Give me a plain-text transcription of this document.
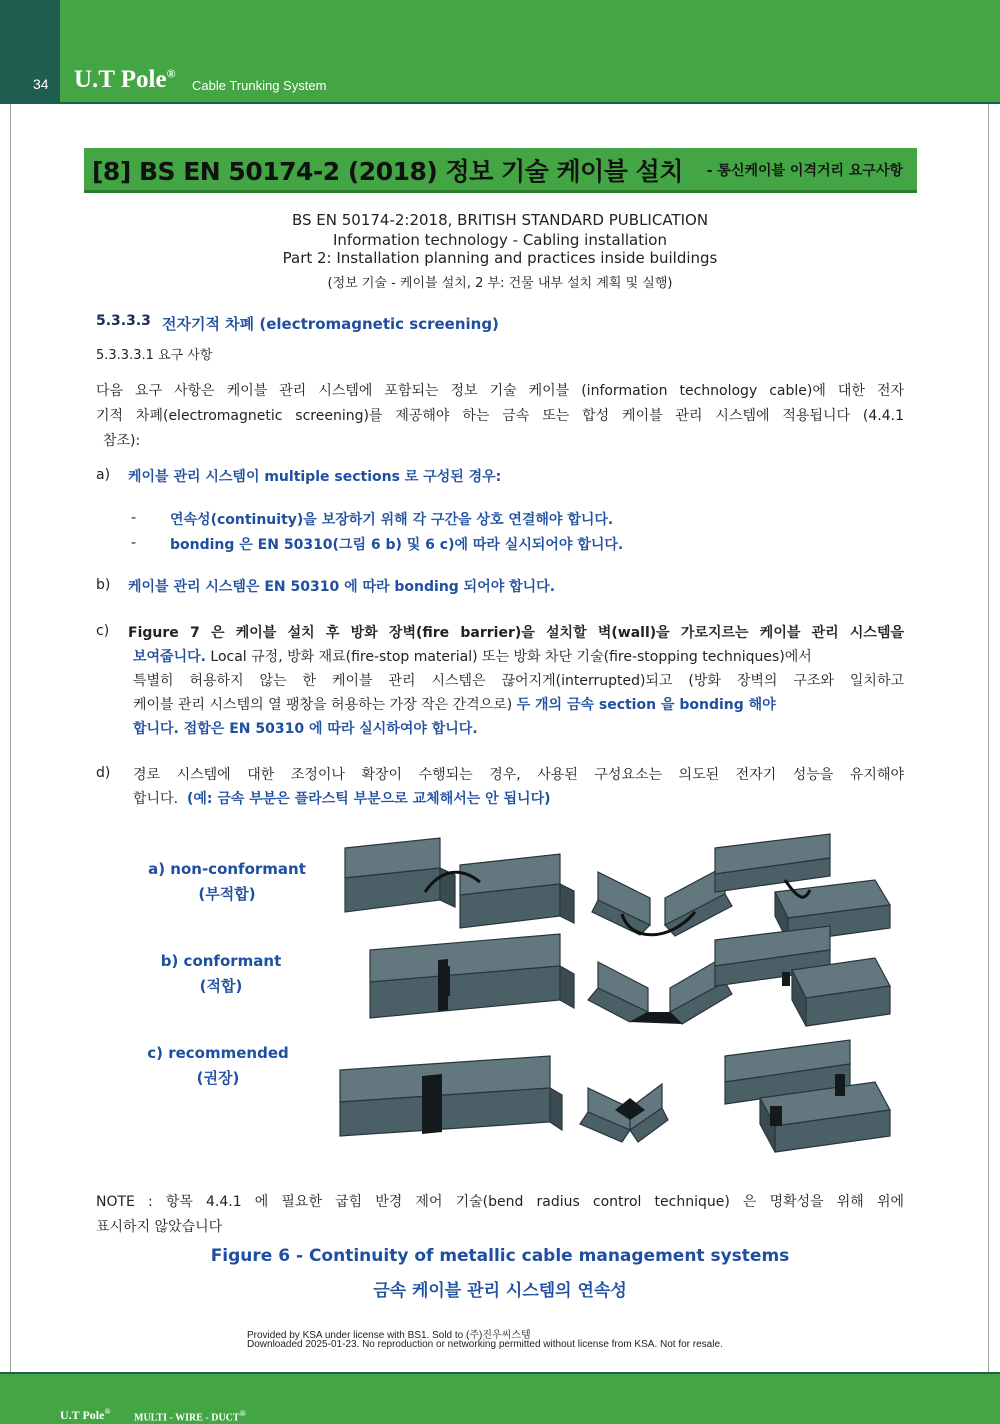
34 U.T Pole®
Cable Trunking System
[8] BS EN 50174-2 (2018) 정보 기술 케이블 설치 - 통신케이블 이격거리 요구사항
BS EN 50174-2:2018, BRITISH STANDARD PUBLICATION
Information technology - Cabling installation
Part 2: Installation planning and practices inside buildings
(정보 기술 - 케이블 설치, 2 부: 건물 내부 설치 계획 및 실행)
5.3.3.3 전자기적 차폐 (electromagnetic screening)
5.3.3.3.1 요구 사항
다음 요구 사항은 케이블 관리 시스템에 포함되는 정보 기술 케이블 (information technology cable)에 대한 전자
기적 차폐(electromagnetic screening)를 제공해야 하는 금속 또는 합성 케이블 관리 시스템에 적용됩니다 (4.4.1
참조):
a) 케이블 관리 시스템이 multiple sections 로 구성된 경우:
- 연속성(continuity)을 보장하기 위해 각 구간을 상호 연결해야 합니다.
- bonding 은 EN 50310(그림 6 b) 및 6 c)에 따라 실시되어야 합니다.
b) 케이블 관리 시스템은 EN 50310 에 따라 bonding 되어야 합니다.
c) Figure 7 은 케이블 설치 후 방화 장벽(fire barrier)을 설치할 벽(wall)을 가로지르는 케이블 관리 시스템을
보여줍니다. Local 규정, 방화 재료(fire-stop material) 또는 방화 차단 기술(fire-stopping techniques)에서
특별히 허용하지 않는 한 케이블 관리 시스템은 끊어지게(interrupted)되고 (방화 장벽의 구조와 일치하고
케이블 관리 시스템의 열 팽창을 허용하는 가장 작은 간격으로) 두 개의 금속 section 을 bonding 해야
합니다. 접합은 EN 50310 에 따라 실시하여야 합니다.
d) 경로 시스템에 대한 조정이나 확장이 수행되는 경우, 사용된 구성요소는 의도된 전자기 성능을 유지해야
합니다. (예: 금속 부분은 플라스틱 부분으로 교체해서는 안 됩니다)
a) non-conformant
(부적합)
b) conformant
(적합)
c) recommended
(권장)
NOTE : 항목 4.4.1 에 필요한 굽힘 반경 제어 기술(bend radius control technique) 은 명확성을 위해 위에
표시하지 않았습니다
Figure 6 - Continuity of metallic cable management systems
금속 케이블 관리 시스템의 연속성
Provided by KSA under license with BS1. Sold to (주)진우씨스템
Downloaded 2025-01-23. No reproduction or networking permitted without license from KSA. Not for resale.
U.T Pole®
MULTI - WIRE - DUCT®
